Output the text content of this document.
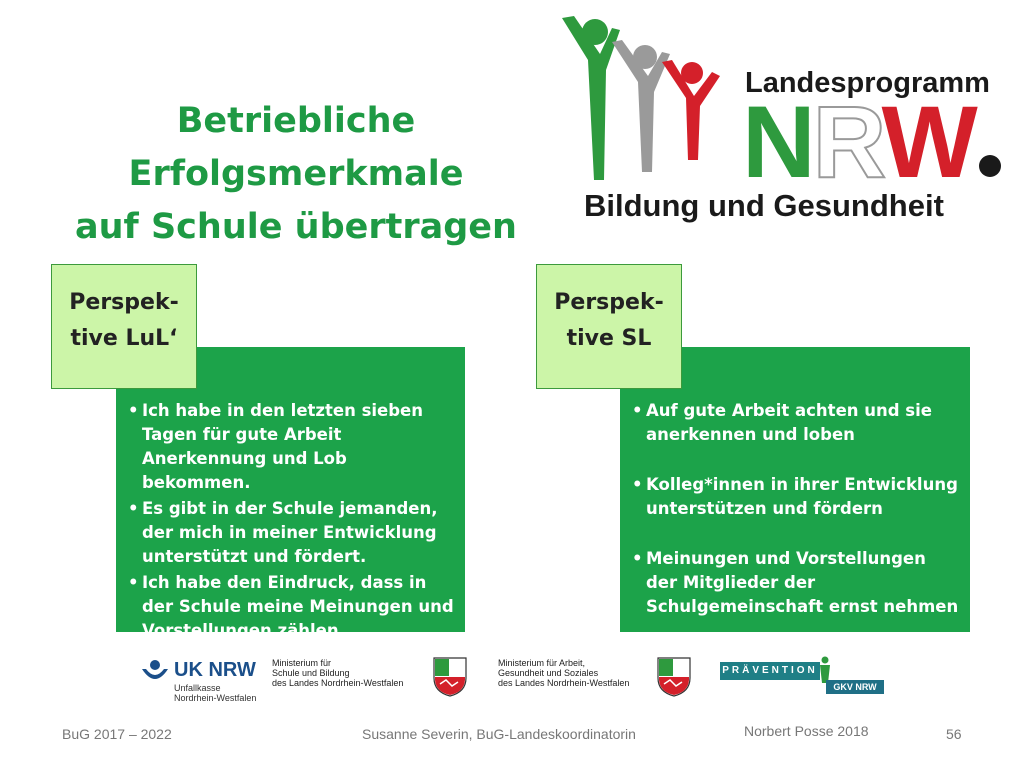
Betriebliche Erfolgsmerkmale
auf Schule übertragen
Landesprogramm
NRW
Bildung und Gesundheit
• Ich habe in den letzten sieben Tagen für gute Arbeit Anerkennung und Lob bekommen.
• Es gibt in der Schule jemanden, der mich in meiner Entwicklung unterstützt und fördert.
• Ich habe den Eindruck, dass in der Schule meine Meinungen und Vorstellungen zählen.
Perspek-
tive LuL‘
• Auf gute Arbeit achten und sie anerkennen und loben
• Kolleg*innen in ihrer Entwicklung unterstützen und fördern
• Meinungen und Vorstellungen der Mitglieder der Schulgemeinschaft ernst nehmen
Perspek-
tive SL
UK NRW
Unfallkasse
Nordrhein-Westfalen
Ministerium für
Schule und Bildung
des Landes Nordrhein-Westfalen
Ministerium für Arbeit,
Gesundheit und Soziales
des Landes Nordrhein-Westfalen
PRÄVENTION
GKV NRW
BuG 2017 – 2022	Susanne Severin, BuG-Landeskoordinatorin	Norbert Posse 2018	56
